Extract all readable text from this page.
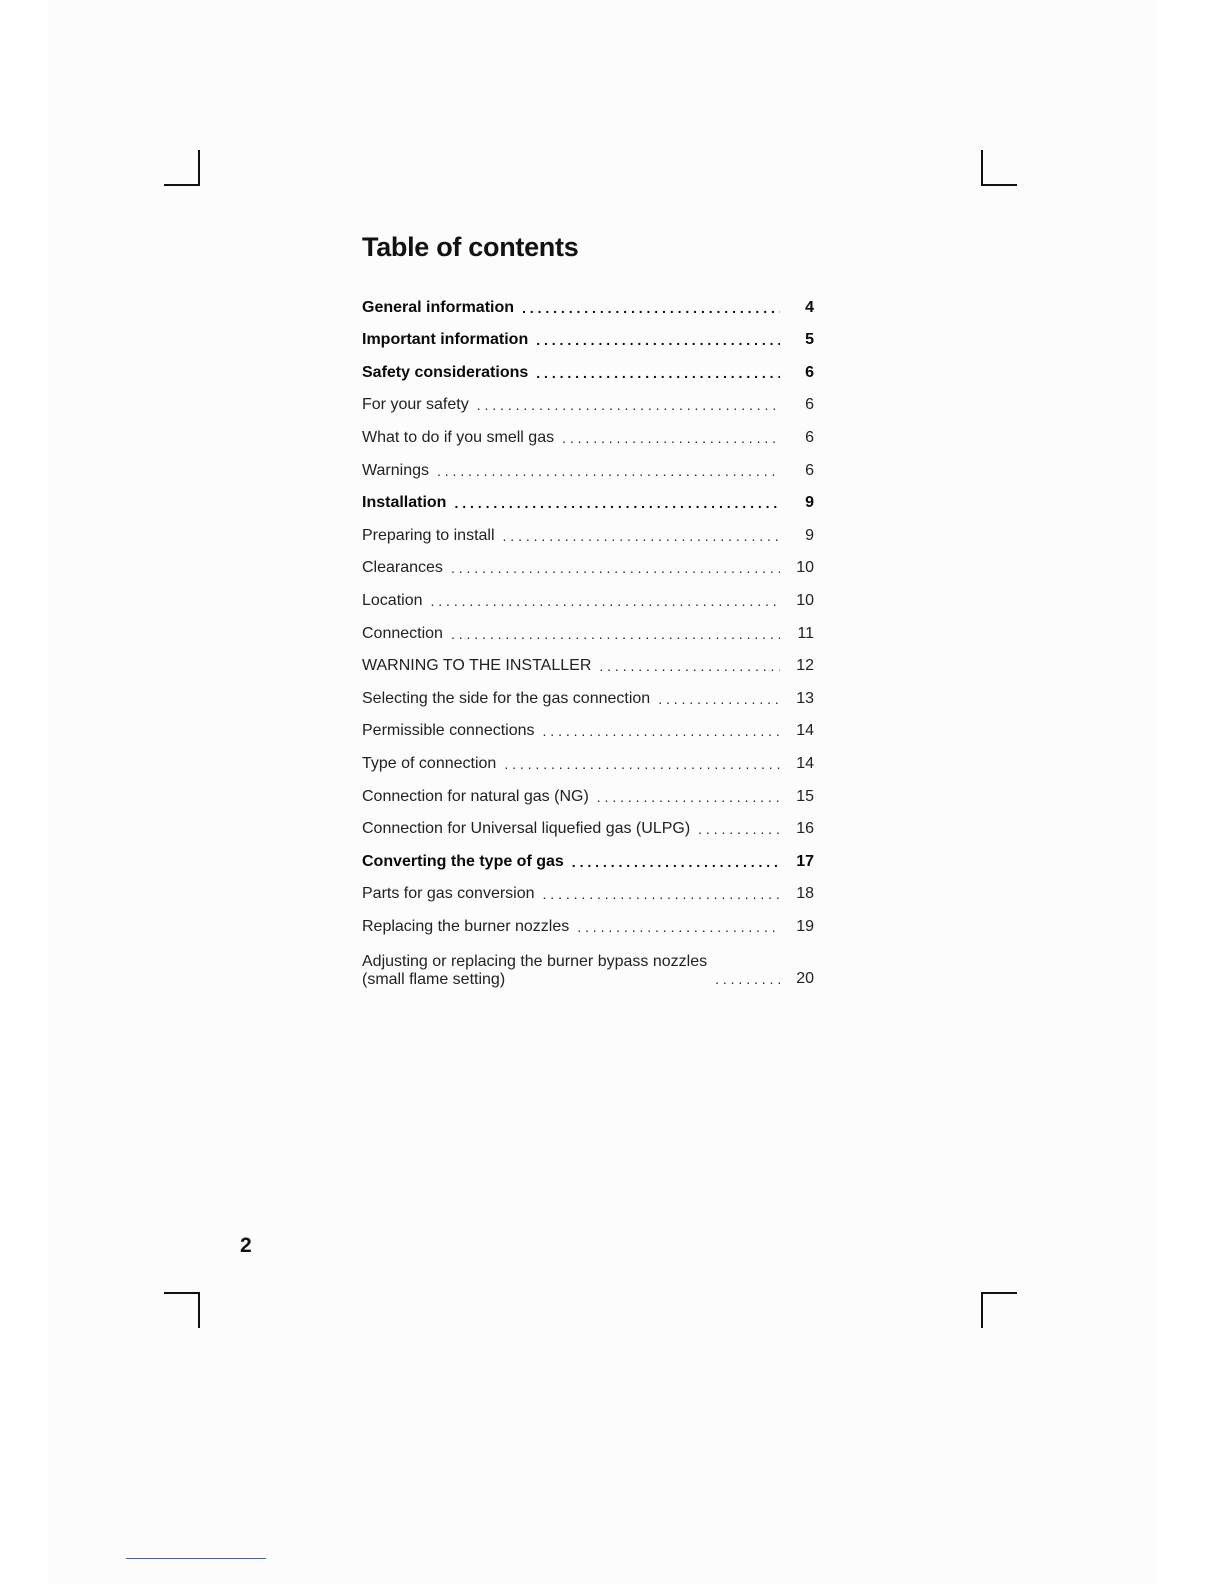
Table of contents
General information . . .	4
Important information . . .	5
Safety considerations . . .	6
For your safety . . .	6
What to do if you smell gas . . .	6
Warnings . . .	6
Installation . . .	9
Preparing to install . . .	9
Clearances . . .	10
Location . . .	10
Connection . . .	11
WARNING TO THE INSTALLER . . .	12
Selecting the side for the gas connection . . .	13
Permissible connections . . .	14
Type of connection . . .	14
Connection for natural gas (NG) . . .	15
Connection for Universal liquefied gas (ULPG) . . .	16
Converting the type of gas . . .	17
Parts for gas conversion . . .	18
Replacing the burner nozzles . . .	19
Adjusting or replacing the burner bypass nozzles
(small flame setting) . . .	20
2
